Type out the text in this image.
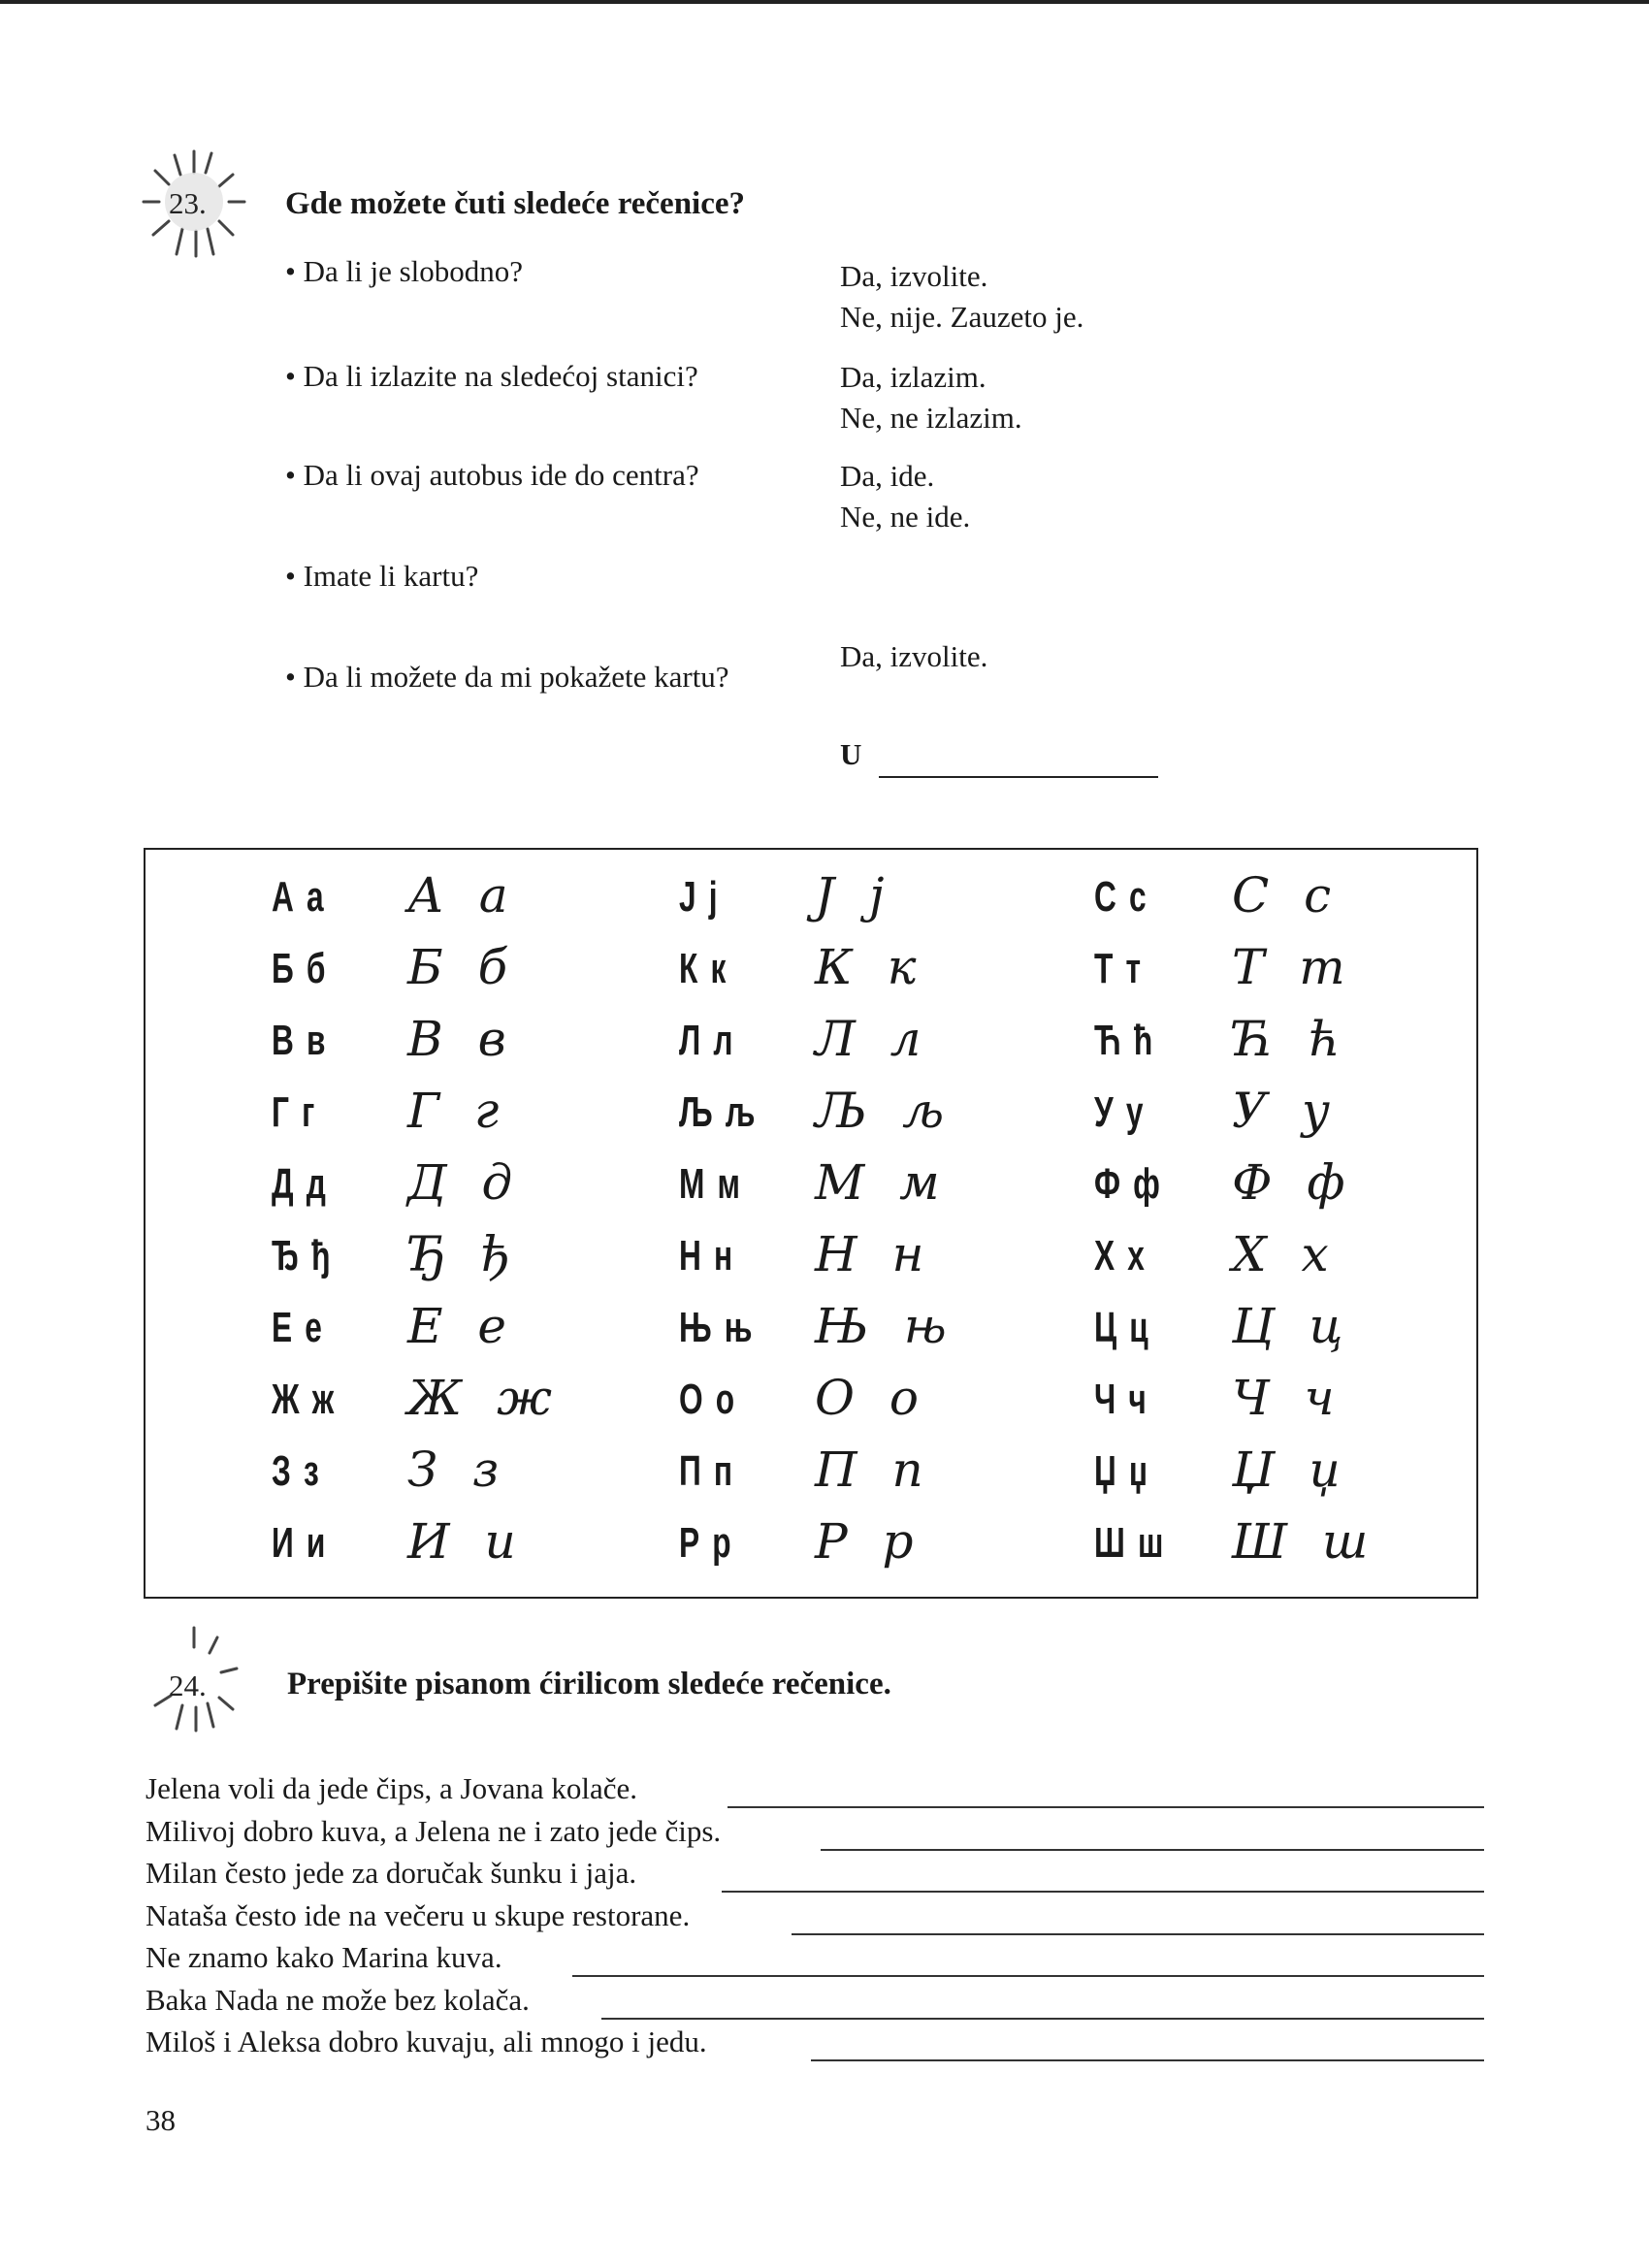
23. Gde možete čuti sledeće rečenice?
• Da li je slobodno?
• Da li izlazite na sledećoj stanici?
• Da li ovaj autobus ide do centra?
• Imate li kartu?
• Da li možete da mi pokažete kartu?
Da, izvolite.
Ne, nije. Zauzeto je.
Da, izlazim.
Ne, ne izlazim.
Da, ide.
Ne, ne ide.
Da, izvolite.
U
А а А а
Б б Б б
В в В в
Г г Г г
Д д Д д
Ђ ђ Ђ ђ
Е е Е е
Ж ж Ж ж
З з З з
И и И и
Ј ј Ј ј
К к К к
Л л Л л
Љ љ Љ љ
М м М м
Н н Н н
Њ њ Њ њ
О о О о
П п П п
Р р Р р
С с С с
Т т Т т
Ћ ћ Ћ ћ
У у У у
Ф ф Ф ф
Х х Х х
Ц ц Ц ц
Ч ч Ч ч
Џ џ Џ џ
Ш ш Ш ш
24.	Prepišite pisanom ćirilicom sledeće rečenice.
Jelena voli da jede čips, a Jovana kolače.
Milivoj dobro kuva, a Jelena ne i zato jede čips.
Milan često jede za doručak šunku i jaja.
Nataša često ide na večeru u skupe restorane.
Ne znamo kako Marina kuva.
Baka Nada ne može bez kolača.
Miloš i Aleksa dobro kuvaju, ali mnogo i jedu.
38
